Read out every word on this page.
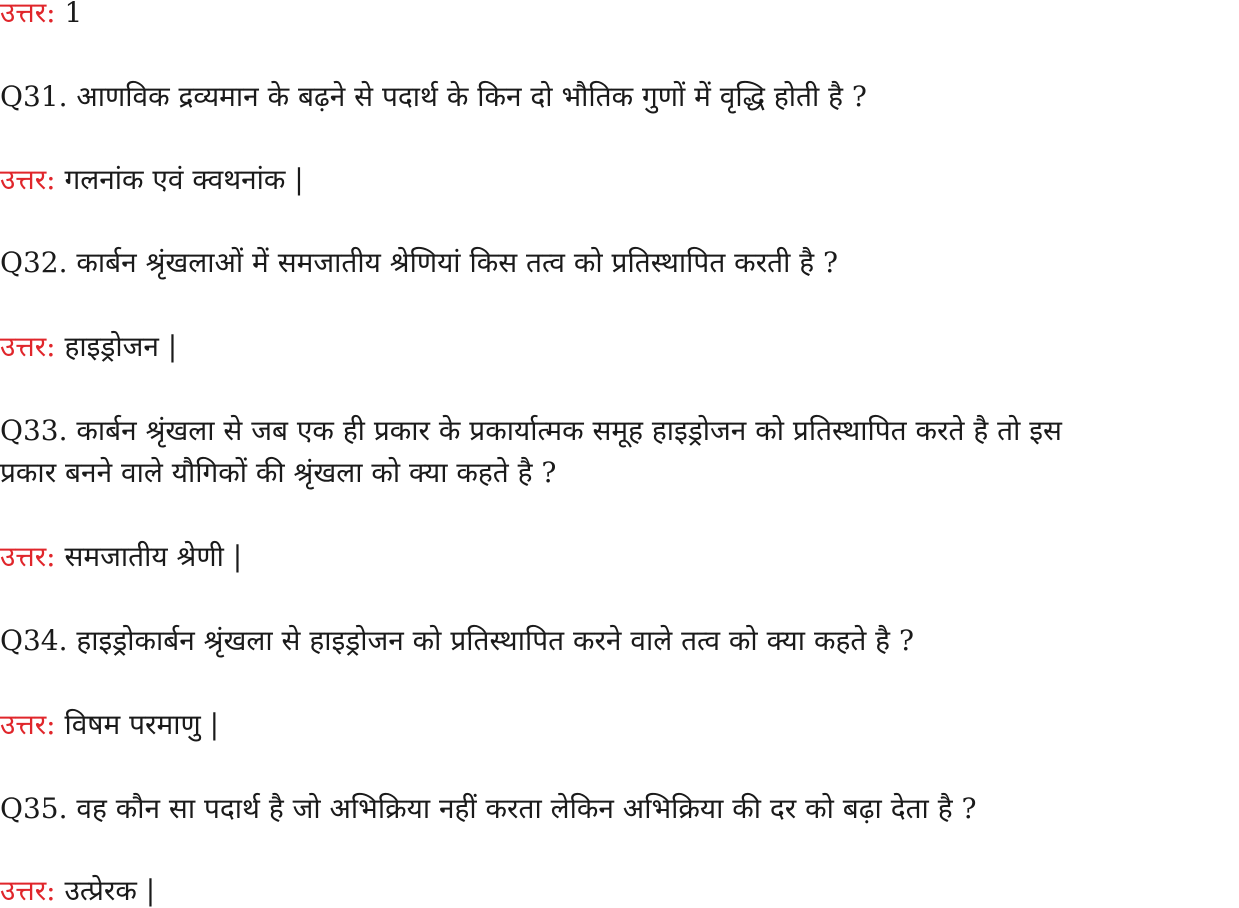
उत्तर: 1
Q31. आणविक द्रव्यमान के बढ़ने से पदार्थ के किन दो भौतिक गुणों में वृद्धि होती है ?
उत्तर: गलनांक एवं क्वथनांक |
Q32. कार्बन श्रृंखलाओं में समजातीय श्रेणियां किस तत्व को प्रतिस्थापित करती है ?
उत्तर: हाइड्रोजन |
Q33. कार्बन श्रृंखला से जब एक ही प्रकार के प्रकार्यात्मक समूह हाइड्रोजन को प्रतिस्थापित करते है तो इस
प्रकार बनने वाले यौगिकों की श्रृंखला को क्या कहते है ?
उत्तर: समजातीय श्रेणी |
Q34. हाइड्रोकार्बन श्रृंखला से हाइड्रोजन को प्रतिस्थापित करने वाले तत्व को क्या कहते है ?
उत्तर: विषम परमाणु |
Q35. वह कौन सा पदार्थ है जो अभिक्रिया नहीं करता लेकिन अभिक्रिया की दर को बढ़ा देता है ?
उत्तर: उत्प्रेरक |
